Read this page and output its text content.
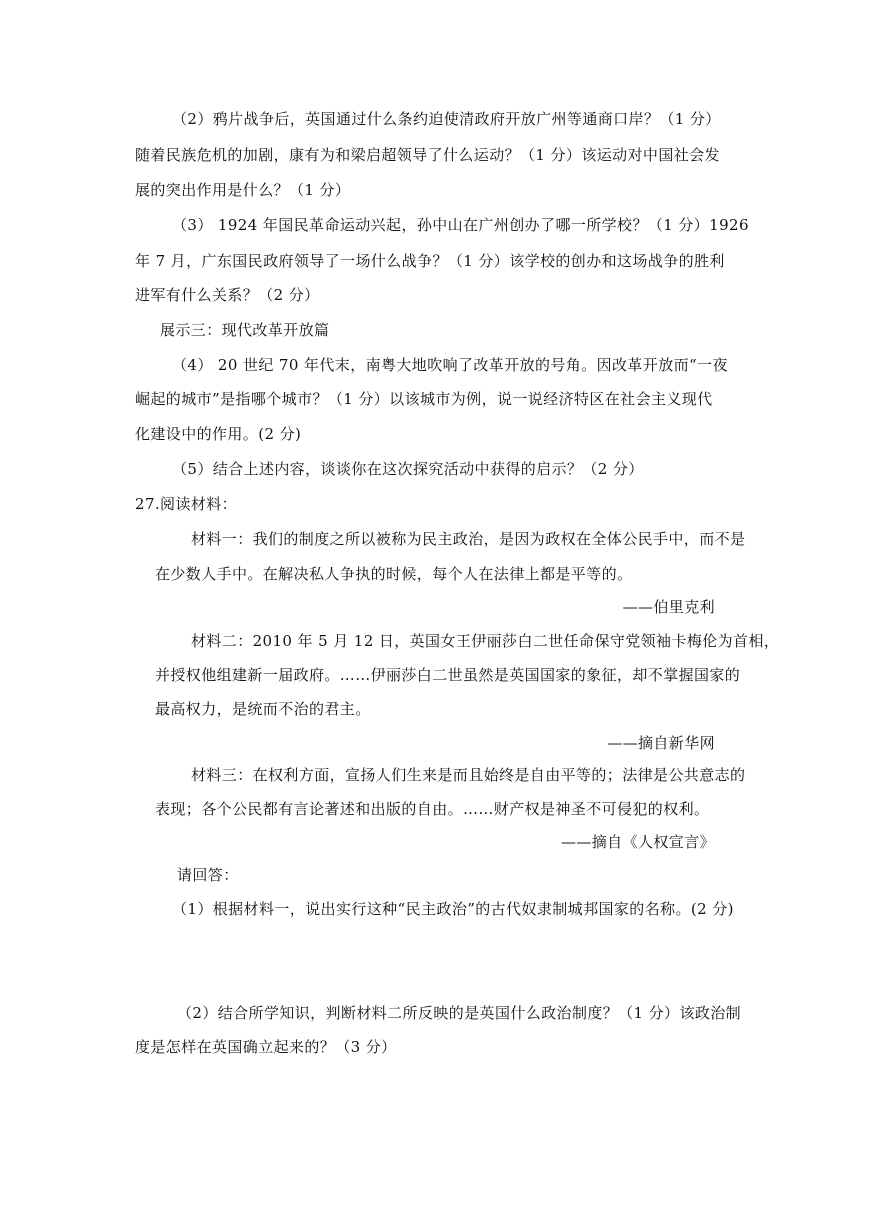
（2）鸦片战争后，英国通过什么条约迫使清政府开放广州等通商口岸？（1 分）
随着民族危机的加剧，康有为和梁启超领导了什么运动？（1 分）该运动对中国社会发
展的突出作用是什么？（1 分）
（3） 1924 年国民革命运动兴起，孙中山在广州创办了哪一所学校？（1 分）1926
年 7 月，广东国民政府领导了一场什么战争？（1 分）该学校的创办和这场战争的胜利
进军有什么关系？（2 分）
展示三：现代改革开放篇
（4） 20 世纪 70 年代末，南粤大地吹响了改革开放的号角。因改革开放而“一夜
崛起的城市”是指哪个城市？（1 分）以该城市为例，说一说经济特区在社会主义现代
化建设中的作用。(2 分)
（5）结合上述内容，谈谈你在这次探究活动中获得的启示？（2 分）
27.阅读材料：
材料一：我们的制度之所以被称为民主政治，是因为政权在全体公民手中，而不是
在少数人手中。在解决私人争执的时候，每个人在法律上都是平等的。
——伯里克利
材料二：2010 年 5 月 12 日，英国女王伊丽莎白二世任命保守党领袖卡梅伦为首相，
并授权他组建新一届政府。……伊丽莎白二世虽然是英国国家的象征，却不掌握国家的
最高权力，是统而不治的君主。
——摘自新华网
材料三：在权利方面，宣扬人们生来是而且始终是自由平等的；法律是公共意志的
表现；各个公民都有言论著述和出版的自由。……财产权是神圣不可侵犯的权利。
——摘自《人权宣言》
请回答：
（1）根据材料一，说出实行这种“民主政治”的古代奴隶制城邦国家的名称。(2 分)
（2）结合所学知识，判断材料二所反映的是英国什么政治制度？（1 分）该政治制
度是怎样在英国确立起来的？（3 分）
